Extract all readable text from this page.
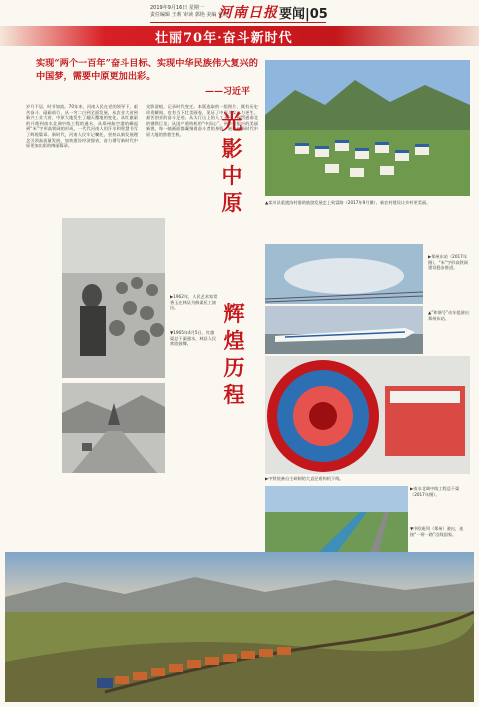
2019年9月16日 星期一
责任编辑 王莉 审读 郭艳 美编 党晓
河南日报 要闻|05
壮丽70年·奋斗新时代
实现“两个一百年”奋斗目标、实现中华民族伟大复兴的中国梦，需要中原更加出彩。
——习近平
岁月不居，时节如流。70年来，河南人民在党的领导下，艰苦奋斗、砥砺前行，从一穷二白到全面发展，从农业大省到新兴工业大省，中原大地发生了翻天覆地的变化。从红旗渠的开凿到南水北调中线工程的通水，从郑州航空港的崛起到“米”字形高铁网的形成，一代代河南人用汗水和智慧书写了辉煌篇章。新时代，河南人民牢记嘱托，坚持以新发展理念引领高质量发展，加快建设经济强省，奋力谱写新时代中原更加出彩的绚丽篇章。
光影留痕，记录时代变迁。本版选取的一组图片，既有历史珍贵瞬间，也有当下壮美画卷，见证了中原儿女自力更生、艰苦创业的奋斗足迹。从太行山上的人工天河，到贯通南北的钢铁巨龙；从国产盾构机的“中国心”，到乡村振兴的美丽新貌，每一帧画面都凝聚着奋斗者的身影，展现出新时代中原大地的勃勃生机。
▲栾川县重渡沟村借助旅游发展走上致富路（2017年9月摄）。新农村建设让乡村更美丽。
光影中原
辉煌历程
▶1962年，人民艺术家常香玉在林县为修渠民工演出。
▼1965年4月5日，红旗渠总干渠通水，林县人民欢欣鼓舞。
▶郑州东站（2017年摄），“米”字形高铁网建设稳步推进。
▲“和谐号”动车组驶出郑州东站。
▶中铁装备自主研制的大直径盾构机下线。
▶南水北调中线工程总干渠（2017年摄）。
▼中欧班列（郑州）驶出，连接“一带一路”沿线国家。
